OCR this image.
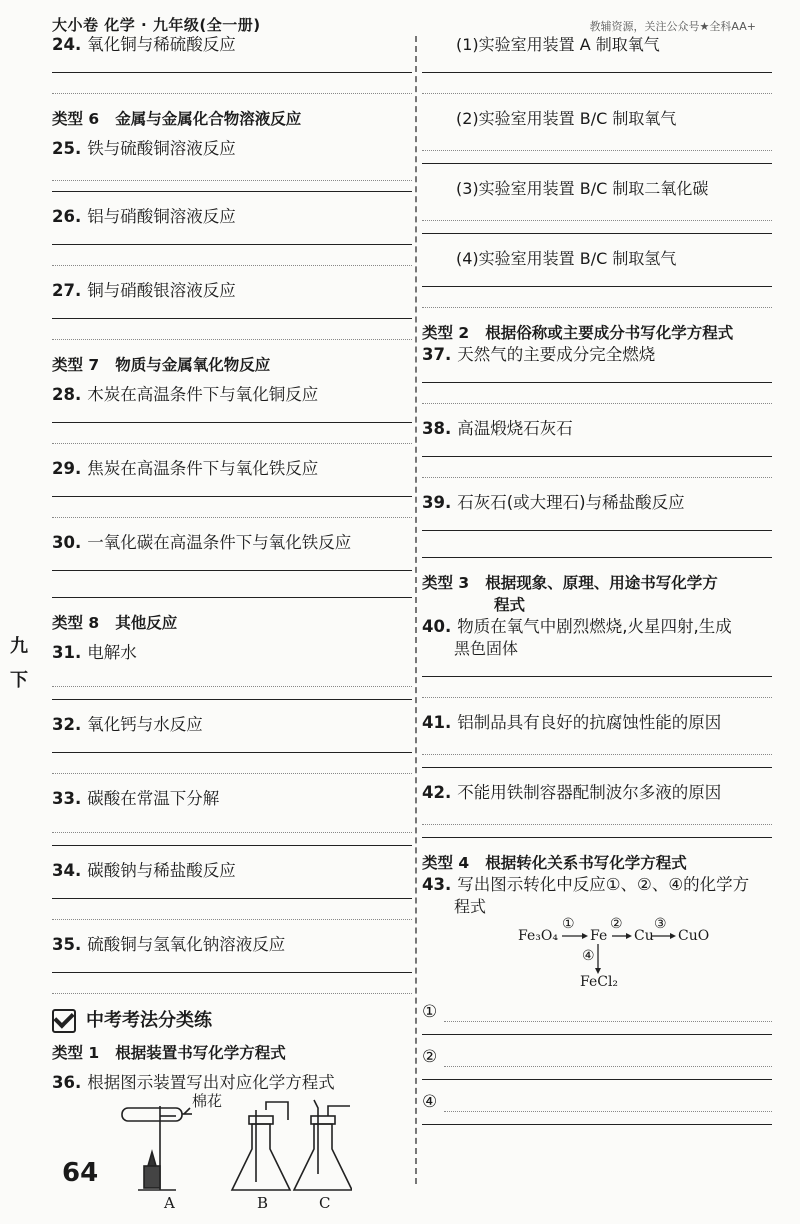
大小卷 化学 · 九年级(全一册)	教辅资源，关注公众号★全科AA+
九
下
24. 氧化铜与稀硫酸反应
类型 6 金属与金属化合物溶液反应
25. 铁与硫酸铜溶液反应
26. 铝与硝酸铜溶液反应
27. 铜与硝酸银溶液反应
类型 7 物质与金属氧化物反应
28. 木炭在高温条件下与氧化铜反应
29. 焦炭在高温条件下与氧化铁反应
30. 一氧化碳在高温条件下与氧化铁反应
类型 8 其他反应
31. 电解水
32. 氧化钙与水反应
33. 碳酸在常温下分解
34. 碳酸钠与稀盐酸反应
35. 硫酸铜与氢氧化钠溶液反应
中考考法分类练
类型 1 根据装置书写化学方程式
36. 根据图示装置写出对应化学方程式
棉花
A	B	C
64
(1)实验室用装置 A 制取氧气
(2)实验室用装置 B/C 制取氧气
(3)实验室用装置 B/C 制取二氧化碳
(4)实验室用装置 B/C 制取氢气
类型 2 根据俗称或主要成分书写化学方程式
37. 天然气的主要成分完全燃烧
38. 高温煅烧石灰石
39. 石灰石(或大理石)与稀盐酸反应
类型 3 根据现象、原理、用途书写化学方
程式
40. 物质在氧气中剧烈燃烧,火星四射,生成
黑色固体
41. 铝制品具有良好的抗腐蚀性能的原因
42. 不能用铁制容器配制波尔多液的原因
类型 4 根据转化关系书写化学方程式
43. 写出图示转化中反应①、②、④的化学方
程式
Fe₃O₄
①
Fe
②
Cu
③
CuO
④
FeCl₂
①
②
④
